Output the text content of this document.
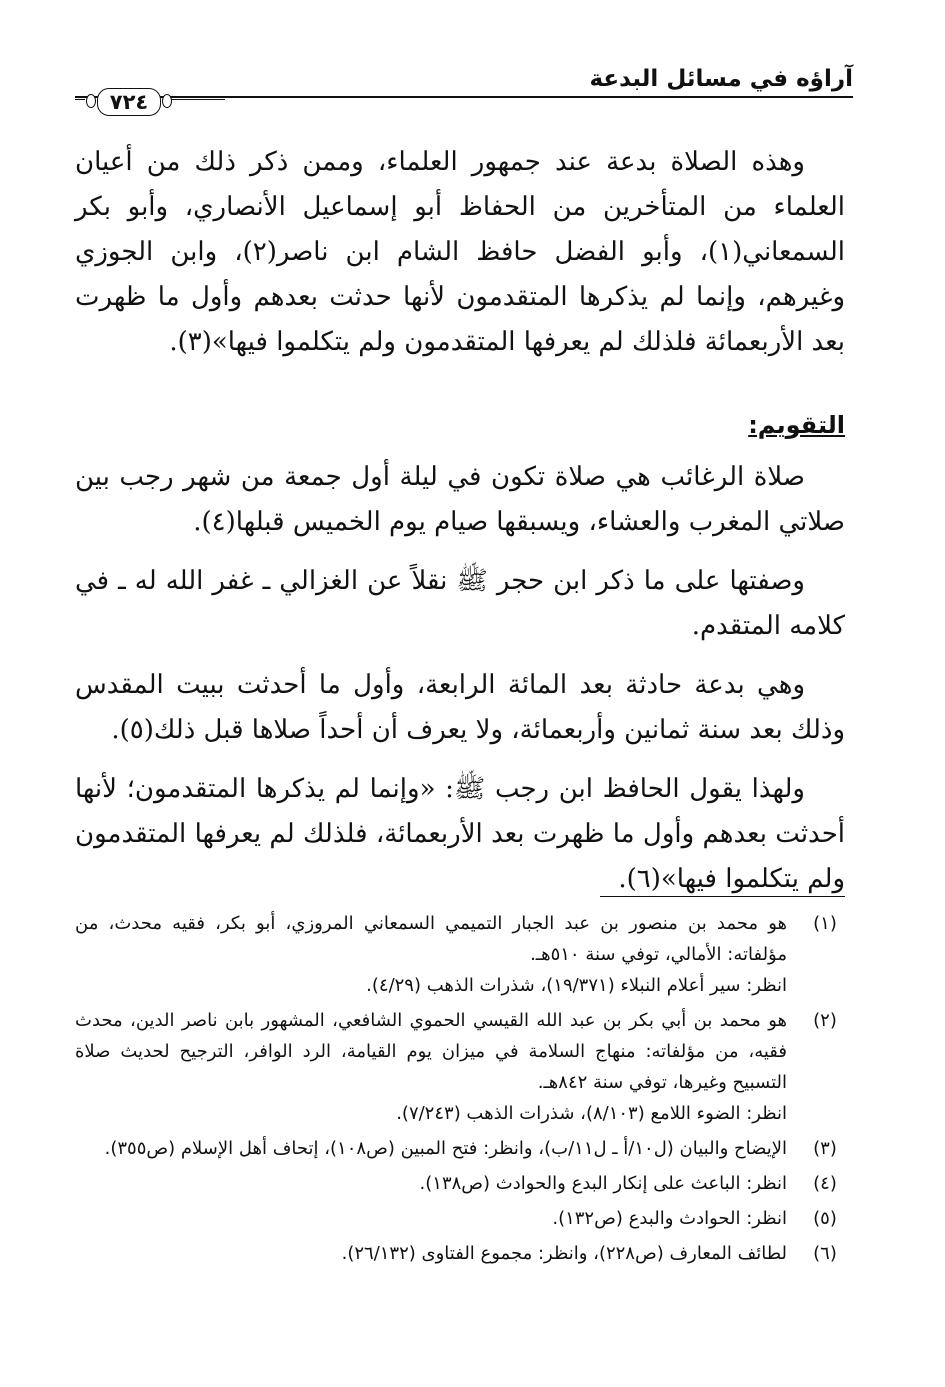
آراؤه في مسائل البدعة
٧٢٤

وهذه الصلاة بدعة عند جمهور العلماء، وممن ذكر ذلك من أعيان العلماء من المتأخرين من الحفاظ أبو إسماعيل الأنصاري، وأبو بكر السمعاني(١)، وأبو الفضل حافظ الشام ابن ناصر(٢)، وابن الجوزي وغيرهم، وإنما لم يذكرها المتقدمون لأنها حدثت بعدهم وأول ما ظهرت بعد الأربعمائة فلذلك لم يعرفها المتقدمون ولم يتكلموا فيها»(٣).

التقويم:

صلاة الرغائب هي صلاة تكون في ليلة أول جمعة من شهر رجب بين صلاتي المغرب والعشاء، ويسبقها صيام يوم الخميس قبلها(٤).

وصفتها على ما ذكر ابن حجر ﷺ نقلاً عن الغزالي ـ غفر الله له ـ في كلامه المتقدم.

وهي بدعة حادثة بعد المائة الرابعة، وأول ما أحدثت ببيت المقدس وذلك بعد سنة ثمانين وأربعمائة، ولا يعرف أن أحداً صلاها قبل ذلك(٥).

ولهذا يقول الحافظ ابن رجب ﷺ: «وإنما لم يذكرها المتقدمون؛ لأنها أحدثت بعدهم وأول ما ظهرت بعد الأربعمائة، فلذلك لم يعرفها المتقدمون ولم يتكلموا فيها»(٦).

(١)
هو محمد بن منصور بن عبد الجبار التميمي السمعاني المروزي، أبو بكر، فقيه محدث، من مؤلفاته: الأمالي، توفي سنة ٥١٠هـ.
انظر: سير أعلام النبلاء (١٩/٣٧١)، شذرات الذهب (٤/٢٩).
(٢)
هو محمد بن أبي بكر بن عبد الله القيسي الحموي الشافعي، المشهور بابن ناصر الدين، محدث فقيه، من مؤلفاته: منهاج السلامة في ميزان يوم القيامة، الرد الوافر، الترجيح لحديث صلاة التسبيح وغيرها، توفي سنة ٨٤٢هـ.
انظر: الضوء اللامع (٨/١٠٣)، شذرات الذهب (٧/٢٤٣).
(٣)
الإيضاح والبيان (ل١٠/أ ـ ل١١/ب)، وانظر: فتح المبين (ص١٠٨)، إتحاف أهل الإسلام (ص٣٥٥).
(٤)
انظر: الباعث على إنكار البدع والحوادث (ص١٣٨).
(٥)
انظر: الحوادث والبدع (ص١٣٢).
(٦)
لطائف المعارف (ص٢٢٨)، وانظر: مجموع الفتاوى (٢٦/١٣٢).
